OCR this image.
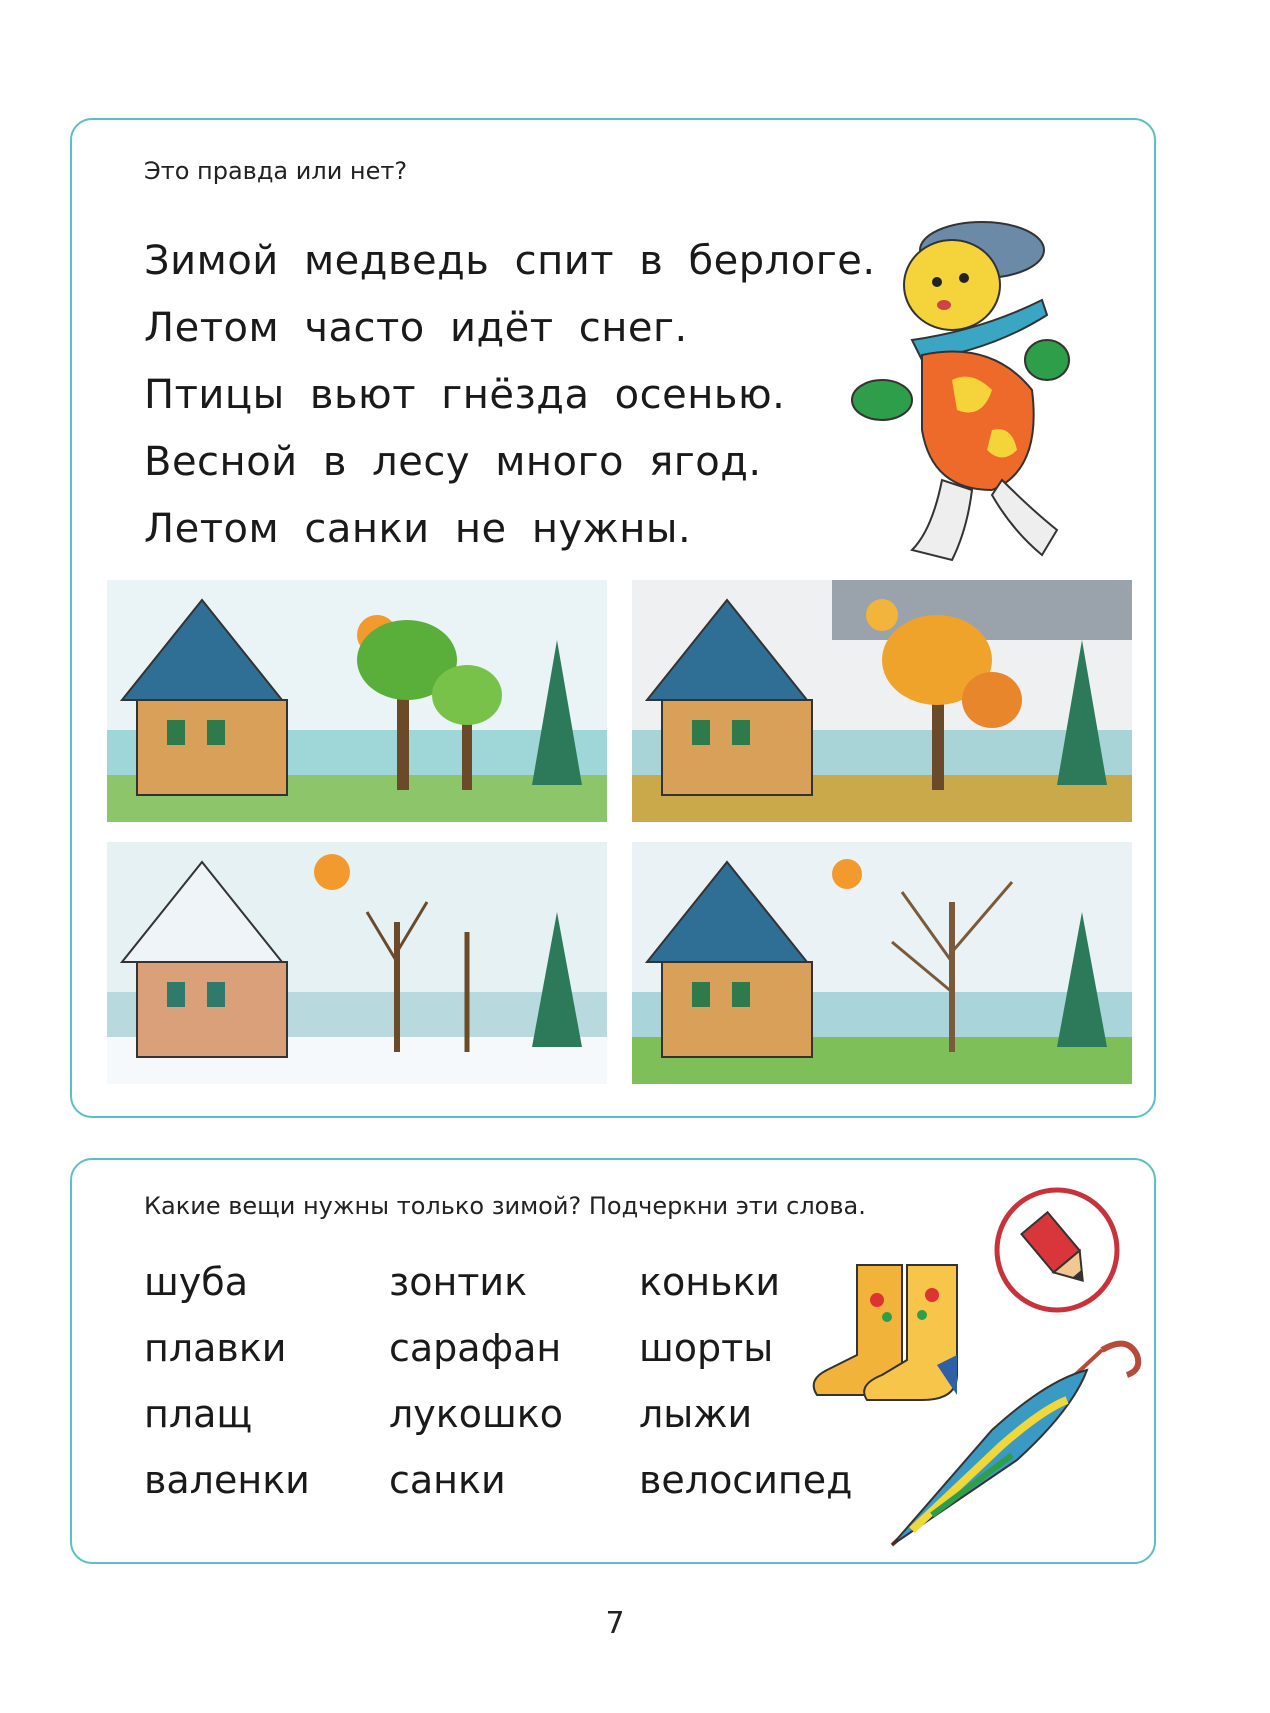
Это правда или нет?
Зимой медведь спит в берлоге.
Летом часто идёт снег.
Птицы вьют гнёзда осенью.
Весной в лесу много ягод.
Летом санки не нужны.
Какие вещи нужны только зимой? Подчеркни эти слова.
шуба
плавки
плащ
валенки
зонтик
сарафан
лукошко
санки
коньки
шорты
лыжи
велосипед
7
